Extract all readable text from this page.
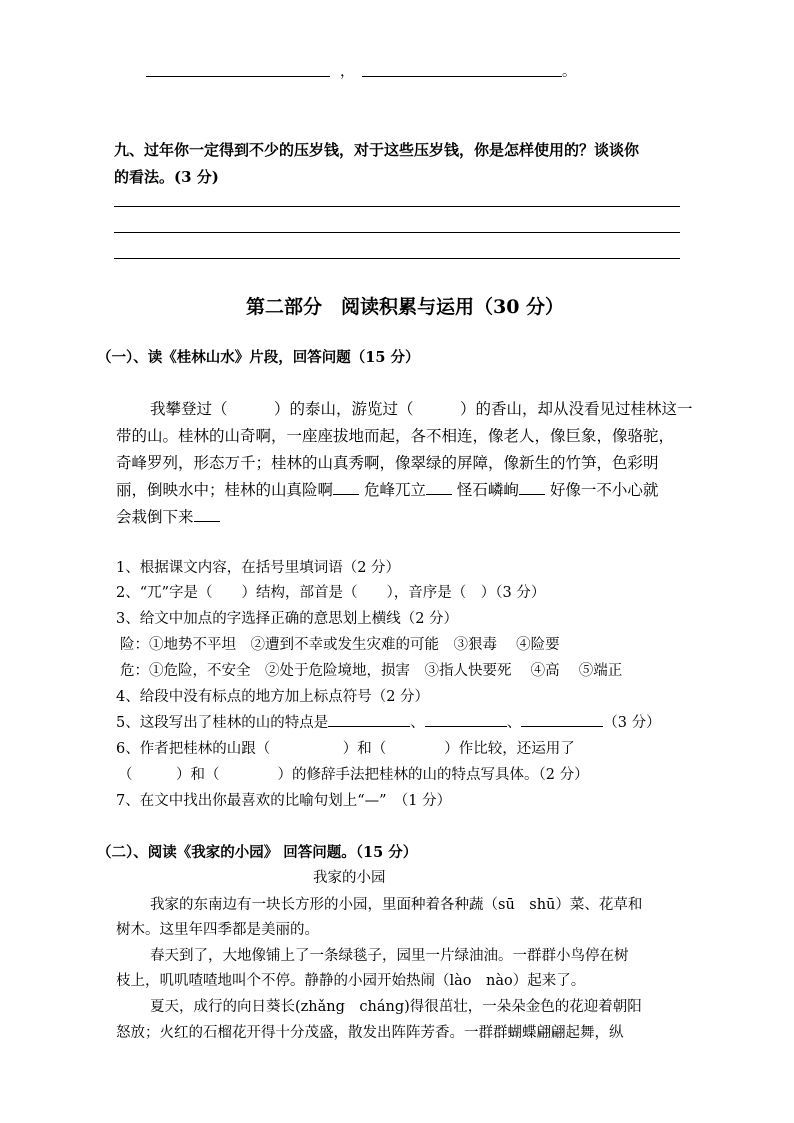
，	。
九、过年你一定得到不少的压岁钱，对于这些压岁钱，你是怎样使用的？谈谈你
的看法。(3 分)
第二部分　阅读积累与运用（30 分）
（一）、读《桂林山水》片段，回答问题（15 分）
我攀登过（　　　）的泰山，游览过（　　　）的香山，却从没看见过桂林这一
带的山。桂林的山奇啊，一座座拔地而起，各不相连，像老人，像巨象，像骆驼，
奇峰罗列，形态万千；桂林的山真秀啊，像翠绿的屏障，像新生的竹笋，色彩明
丽，倒映水中；桂林的山真险啊 危峰兀立 怪石嶙峋 好像一不小心就
会栽倒下来
1、根据课文内容，在括号里填词语（2 分）
2、“兀”字是（　　）结构，部首是（　　），音序是（　）（3 分）
3、给文中加点的字选择正确的意思划上横线（2 分）
险：①地势不平坦　②遭到不幸或发生灾难的可能　③狠毒　 ④险要
危：①危险，不安全　②处于危险境地，损害　③指人快要死　 ④高　 ⑤端正
4、给段中没有标点的地方加上标点符号（2 分）
5、这段写出了桂林的山的特点是	、	、	（3 分）
6、作者把桂林的山跟（　　　　　）和（　　　　）作比较，还运用了
（　　　）和（　　　　）的修辞手法把桂林的山的特点写具体。（2 分）
7、在文中找出你最喜欢的比喻句划上“—”　（1 分）
（二）、阅读《我家的小园》 回答问题。（15 分）
我家的小园
我家的东南边有一块长方形的小园，里面种着各种蔬（sū　shū）菜、花草和
树木。这里年四季都是美丽的。
春天到了，大地像铺上了一条绿毯子，园里一片绿油油。一群群小鸟停在树
枝上，叽叽喳喳地叫个不停。静静的小园开始热闹（lào　nào）起来了。
夏天，成行的向日葵长(zhǎng　cháng)得很茁壮，一朵朵金色的花迎着朝阳
怒放；火红的石榴花开得十分茂盛，散发出阵阵芳香。一群群蝴蝶翩翩起舞，纵
